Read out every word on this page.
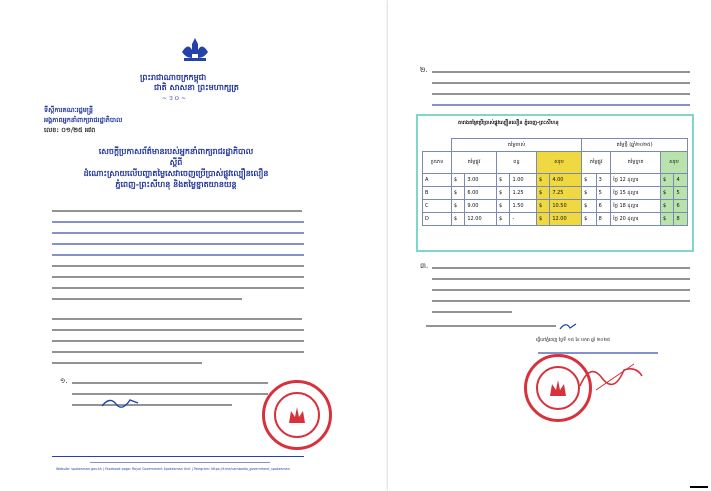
ព្រះរាជាណាចក្រកម្ពុជា
ជាតិ សាសនា ព្រះមហាក្សត្រ
~ ៗ ០ ~
ទីស្តីការគណៈរដ្ឋមន្ត្រី
អង្គភាពអ្នកនាំពាក្យរាជរដ្ឋាភិបាល
លេខ: ០១/២៥ អវព
សេចក្តីប្រកាសព័ត៌មានរបស់អ្នកនាំពាក្យរាជរដ្ឋាភិបាល
ស្តីពី
ដំណោះស្រាយលើបញ្ហាតម្លៃសេវាចេញប្រើប្រាស់ផ្លូវល្បឿនលឿន
ភ្នំពេញ-ព្រះសីហនុ និងតម្លៃខ្នាតយានយន្ត
១.
Website: spokesman.gov.kh | Facebook page: Royal Government Spokesman Unit | Telegram: https://t.me/cambodia_government_spokesman
២.
តារាងតម្លៃប្រើប្រាស់ផ្លូវល្បឿនលឿន ភ្នំពេញ-ព្រះសីហនុ
	តម្លៃចាស់						តម្លៃថ្មី (ឆ្នាំ២០២៥)				
ប្រភេទ	តម្លៃផ្លូវ		ពន្ធ		សរុប		តម្លៃផ្លូវ		តម្លៃខ្នាត	សរុប	
A	$	3.00	$	1.00	$	4.00	$	3	ថ្លៃ 12 ដុល្លារ	$	4
B	$	6.00	$	1.25	$	7.25	$	5	ថ្លៃ 15 ដុល្លារ	$	5
C	$	9.00	$	1.50	$	10.50	$	6	ថ្លៃ 18 ដុល្លារ	$	6
D	$	12.00	$	-	$	12.00	$	8	ថ្លៃ 20 ដុល្លារ	$	8
៣.
ធ្វើនៅភ្នំពេញ ថ្ងៃទី ១៥ ខែ មករា ឆ្នាំ ២០២៥
